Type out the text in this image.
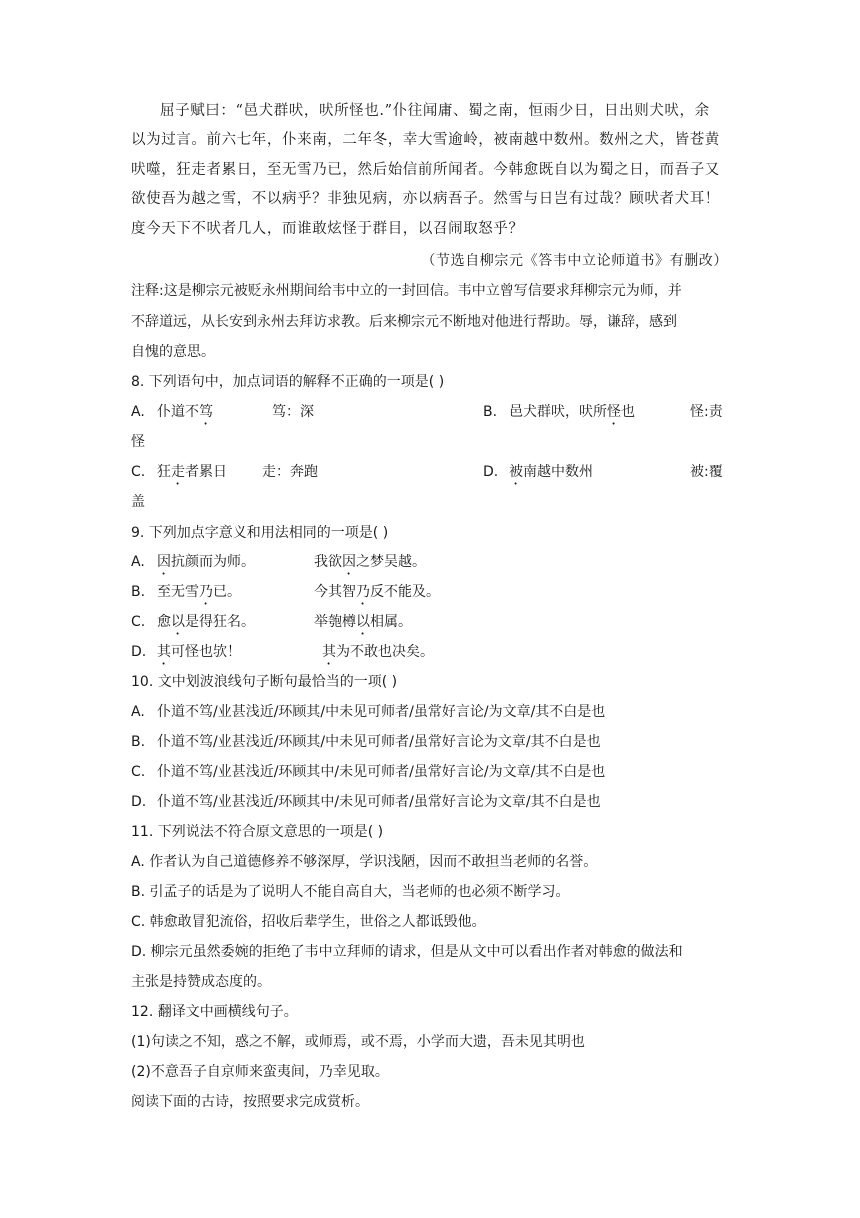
屈子赋曰：“邑犬群吠，吠所怪也.”仆往闻庸、蜀之南，恒雨少日，日出则犬吠，余
以为过言。前六七年，仆来南，二年冬，幸大雪逾岭，被南越中数州。数州之犬，皆苍黄
吠噬，狂走者累日，至无雪乃已，然后始信前所闻者。今韩愈既自以为蜀之日，而吾子又
欲使吾为越之雪，不以病乎？非独见病，亦以病吾子。然雪与日岂有过哉？顾吠者犬耳！
度今天下不吠者几人，而谁敢炫怪于群目，以召闹取怒乎？
（节选自柳宗元《答韦中立论师道书》有删改）
注释:这是柳宗元被贬永州期间给韦中立的一封回信。韦中立曾写信要求拜柳宗元为师，并
不辞道远，从长安到永州去拜访求教。后来柳宗元不断地对他进行帮助。辱，谦辞，感到
自愧的意思。
8. 下列语句中，加点词语的解释不正确的一项是( )
A. 仆道不笃	笃：深	B. 邑犬群吠，吠所怪也	怪:责
怪
C. 狂走者累日	走：奔跑	D. 被南越中数州	被:覆
盖
9. 下列加点字意义和用法相同的一项是( )
A. 因抗颜而为师。	我欲因之梦吴越。
B. 至无雪乃已。	今其智乃反不能及。
C. 愈以是得狂名。	举匏樽以相属。
D. 其可怪也欤！	其为不敢也决矣。
10. 文中划波浪线句子断句最恰当的一项( )
A. 仆道不笃/业甚浅近/环顾其/中未见可师者/虽常好言论/为文章/其不白是也
B. 仆道不笃/业甚浅近/环顾其/中未见可师者/虽常好言论为文章/其不白是也
C. 仆道不笃/业甚浅近/环顾其中/未见可师者/虽常好言论/为文章/其不白是也
D. 仆道不笃/业甚浅近/环顾其中/未见可师者/虽常好言论为文章/其不白是也
11. 下列说法不符合原文意思的一项是( )
A. 作者认为自己道德修养不够深厚，学识浅陋，因而不敢担当老师的名誉。
B. 引孟子的话是为了说明人不能自高自大，当老师的也必须不断学习。
C. 韩愈敢冒犯流俗，招收后辈学生，世俗之人都诋毁他。
D. 柳宗元虽然委婉的拒绝了韦中立拜师的请求，但是从文中可以看出作者对韩愈的做法和
主张是持赞成态度的。
12. 翻译文中画横线句子。
(1)句读之不知，惑之不解，或师焉，或不焉，小学而大遗，吾未见其明也
(2)不意吾子自京师来蛮夷间，乃幸见取。
阅读下面的古诗，按照要求完成赏析。
